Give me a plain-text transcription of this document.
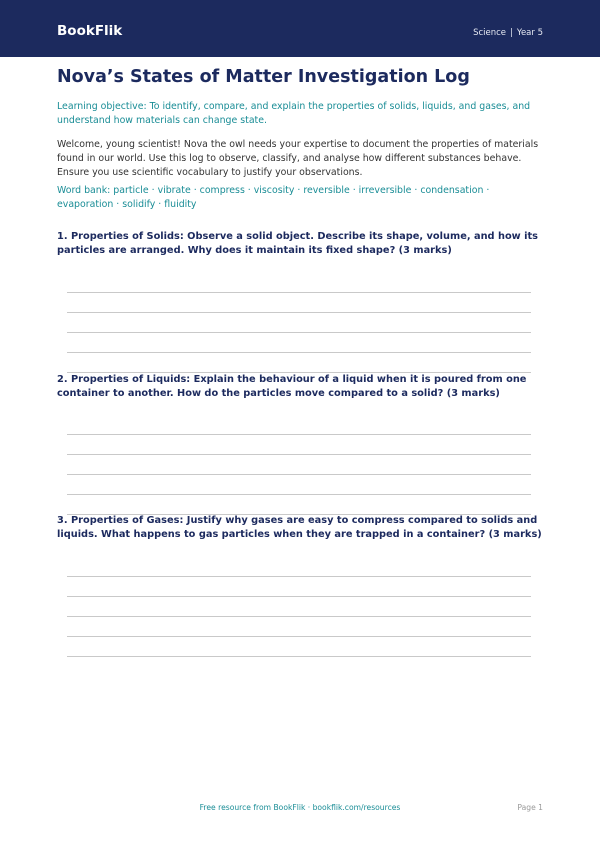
BookFlik	Science | Year 5
Nova’s States of Matter Investigation Log

Learning objective: To identify, compare, and explain the properties of solids, liquids, and gases, and understand how materials can change state.

Welcome, young scientist! Nova the owl needs your expertise to document the properties of materials found in our world. Use this log to observe, classify, and analyse how different substances behave. Ensure you use scientific vocabulary to justify your observations.

Word bank: particle · vibrate · compress · viscosity · reversible · irreversible · condensation · evaporation · solidify · fluidity

1. Properties of Solids: Observe a solid object. Describe its shape, volume, and how its particles are arranged. Why does it maintain its fixed shape? (3 marks)

2. Properties of Liquids: Explain the behaviour of a liquid when it is poured from one container to another. How do the particles move compared to a solid? (3 marks)

3. Properties of Gases: Justify why gases are easy to compress compared to solids and liquids. What happens to gas particles when they are trapped in a container? (3 marks)

Free resource from BookFlik · bookflik.com/resources	Page 1
